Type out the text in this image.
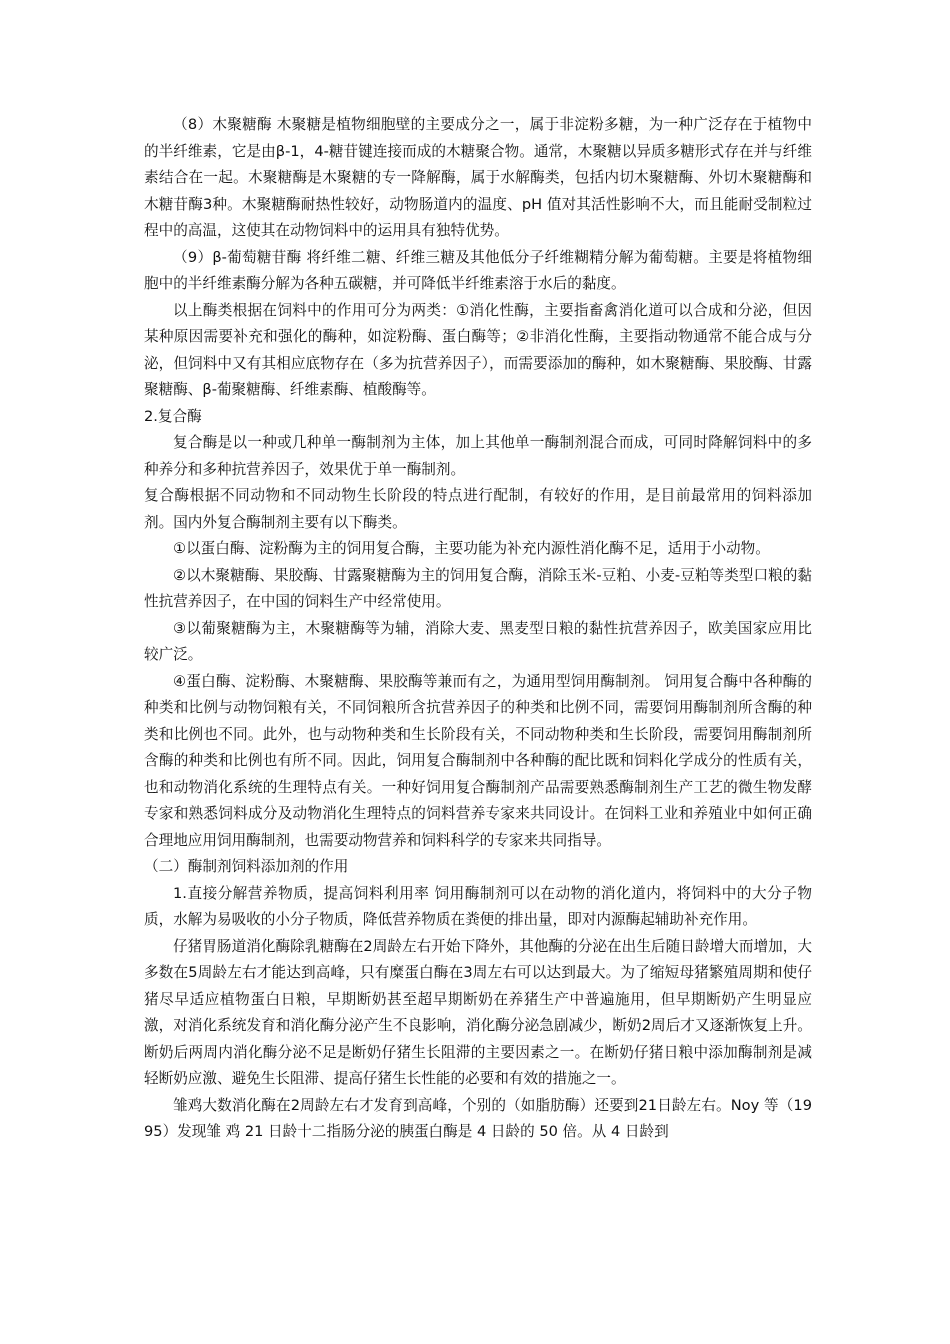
（8）木聚糖酶 木聚糖是植物细胞壁的主要成分之一，属于非淀粉多糖，为一种广泛存在于植物中的半纤维素，它是由β-1，4-糖苷键连接而成的木糖聚合物。通常，木聚糖以异质多糖形式存在并与纤维素结合在一起。木聚糖酶是木聚糖的专一降解酶，属于水解酶类，包括内切木聚糖酶、外切木聚糖酶和木糖苷酶3种。木聚糖酶耐热性较好，动物肠道内的温度、pH 值对其活性影响不大，而且能耐受制粒过程中的高温，这使其在动物饲料中的运用具有独特优势。

（9）β-葡萄糖苷酶 将纤维二糖、纤维三糖及其他低分子纤维糊精分解为葡萄糖。主要是将植物细胞中的半纤维素酶分解为各种五碳糖，并可降低半纤维素溶于水后的黏度。

以上酶类根据在饲料中的作用可分为两类：①消化性酶，主要指畜禽消化道可以合成和分泌，但因某种原因需要补充和强化的酶种，如淀粉酶、蛋白酶等；②非消化性酶，主要指动物通常不能合成与分泌，但饲料中又有其相应底物存在（多为抗营养因子），而需要添加的酶种，如木聚糖酶、果胶酶、甘露聚糖酶、β-葡聚糖酶、纤维素酶、植酸酶等。

2.复合酶

复合酶是以一种或几种单一酶制剂为主体，加上其他单一酶制剂混合而成，可同时降解饲料中的多种养分和多种抗营养因子，效果优于单一酶制剂。

复合酶根据不同动物和不同动物生长阶段的特点进行配制，有较好的作用，是目前最常用的饲料添加剂。国内外复合酶制剂主要有以下酶类。

①以蛋白酶、淀粉酶为主的饲用复合酶，主要功能为补充内源性消化酶不足，适用于小动物。

②以木聚糖酶、果胶酶、甘露聚糖酶为主的饲用复合酶，消除玉米-豆粕、小麦-豆粕等类型口粮的黏性抗营养因子，在中国的饲料生产中经常使用。

③以葡聚糖酶为主，木聚糖酶等为辅，消除大麦、黑麦型日粮的黏性抗营养因子，欧美国家应用比较广泛。

④蛋白酶、淀粉酶、木聚糖酶、果胶酶等兼而有之，为通用型饲用酶制剂。 饲用复合酶中各种酶的种类和比例与动物饲粮有关，不同饲粮所含抗营养因子的种类和比例不同，需要饲用酶制剂所含酶的种类和比例也不同。此外，也与动物种类和生长阶段有关，不同动物种类和生长阶段，需要饲用酶制剂所含酶的种类和比例也有所不同。因此，饲用复合酶制剂中各种酶的配比既和饲料化学成分的性质有关，也和动物消化系统的生理特点有关。一种好饲用复合酶制剂产品需要熟悉酶制剂生产工艺的微生物发酵专家和熟悉饲料成分及动物消化生理特点的饲料营养专家来共同设计。在饲料工业和养殖业中如何正确合理地应用饲用酶制剂，也需要动物营养和饲料科学的专家来共同指导。

（二）酶制剂饲料添加剂的作用

1.直接分解营养物质，提高饲料利用率 饲用酶制剂可以在动物的消化道内，将饲料中的大分子物质，水解为易吸收的小分子物质，降低营养物质在粪便的排出量，即对内源酶起辅助补充作用。

仔猪胃肠道消化酶除乳糖酶在2周龄左右开始下降外，其他酶的分泌在出生后随日龄增大而增加，大多数在5周龄左右才能达到高峰，只有糜蛋白酶在3周左右可以达到最大。为了缩短母猪繁殖周期和使仔猪尽早适应植物蛋白日粮，早期断奶甚至超早期断奶在养猪生产中普遍施用，但早期断奶产生明显应激，对消化系统发育和消化酶分泌产生不良影响，消化酶分泌急剧减少，断奶2周后才又逐渐恢复上升。断奶后两周内消化酶分泌不足是断奶仔猪生长阻滞的主要因素之一。在断奶仔猪日粮中添加酶制剂是减轻断奶应激、避免生长阻滞、提高仔猪生长性能的必要和有效的措施之一。

雏鸡大数消化酶在2周龄左右才发育到高峰，个别的（如脂肪酶）还要到21日龄左右。Noy 等（1995）发现雏 鸡 21 日龄十二指肠分泌的胰蛋白酶是 4 日龄的 50 倍。从 4 日龄到
